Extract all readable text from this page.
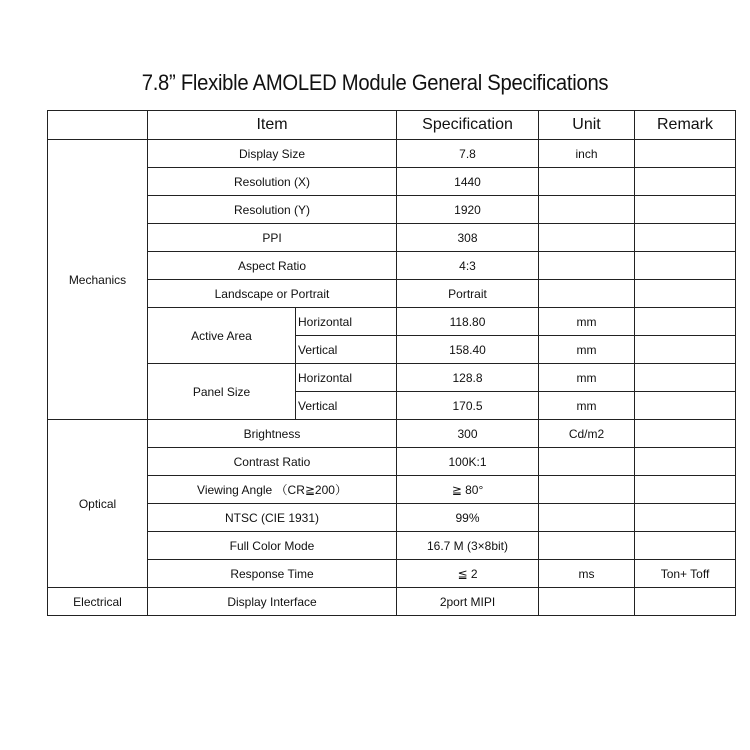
7.8” Flexible AMOLED Module General Specifications
	Item		Specification	Unit	Remark
Mechanics	Display Size		7.8	inch	
	Resolution (X)		1440		
	Resolution (Y)		1920		
	PPI		308		
	Aspect Ratio		4:3		
	Landscape or Portrait		Portrait		
	Active Area	Horizontal	118.80	mm	
		Vertical	158.40	mm	
	Panel Size	Horizontal	128.8	mm	
		Vertical	170.5	mm	
Optical	Brightness		300	Cd/m2	
	Contrast Ratio		100K:1		
	Viewing Angle （CR≧200）		≧ 80°		
	NTSC (CIE 1931)		99%		
	Full Color Mode		16.7 M (3×8bit)		
	Response Time		≦ 2	ms	Ton+ Toff
Electrical	Display Interface		2port MIPI		
